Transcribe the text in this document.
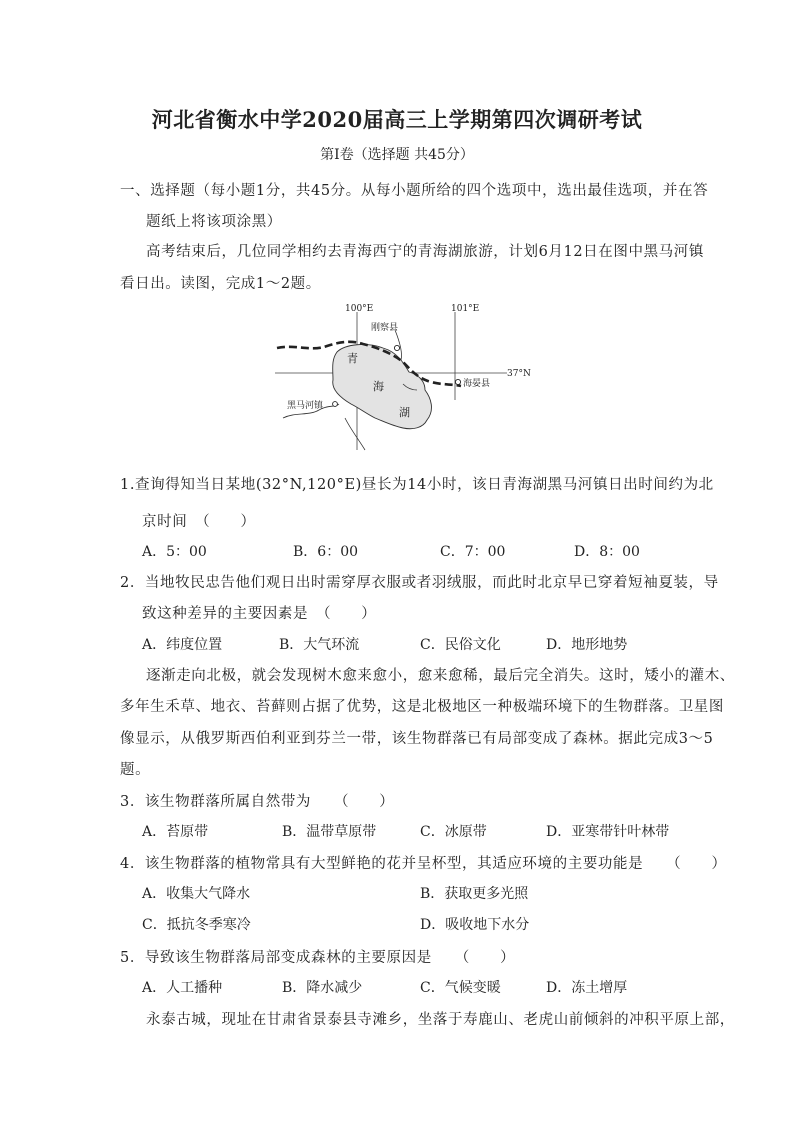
河北省衡水中学2020届高三上学期第四次调研考试
第Ⅰ卷（选择题 共45分）
一、选择题（每小题1分，共45分。从每小题所给的四个选项中，选出最佳选项，并在答
题纸上将该项涂黑）
高考结束后，几位同学相约去青海西宁的青海湖旅游，计划6月12日在图中黑马河镇
看日出。读图，完成1～2题。
100°E	101°E
37°N
刚察县
海晏县
黑马河镇
青
海
湖
1.查询得知当日某地(32°N,120°E)昼长为14小时，该日青海湖黑马河镇日出时间约为北
京时间　（　　）
A．5：00	B．6：00	C．7：00	D．8：00
2．当地牧民忠告他们观日出时需穿厚衣服或者羽绒服，而此时北京早已穿着短袖夏装，导
致这种差异的主要因素是　（　　）
A．纬度位置	B．大气环流	C．民俗文化	D．地形地势
逐渐走向北极，就会发现树木愈来愈小，愈来愈稀，最后完全消失。这时，矮小的灌木、
多年生禾草、地衣、苔藓则占据了优势，这是北极地区一种极端环境下的生物群落。卫星图
像显示，从俄罗斯西伯利亚到芬兰一带，该生物群落已有局部变成了森林。据此完成3～5
题。
3．该生物群落所属自然带为　　（　　）
A．苔原带	B．温带草原带	C．冰原带	D．亚寒带针叶林带
4．该生物群落的植物常具有大型鲜艳的花并呈杯型，其适应环境的主要功能是　　（　　）
A．收集大气降水	B．获取更多光照
C．抵抗冬季寒冷	D．吸收地下水分
5．导致该生物群落局部变成森林的主要原因是　　（　　）
A．人工播种	B．降水减少	C．气候变暖	D．冻土增厚
永泰古城，现址在甘肃省景泰县寺滩乡，坐落于寿鹿山、老虎山前倾斜的冲积平原上部，
